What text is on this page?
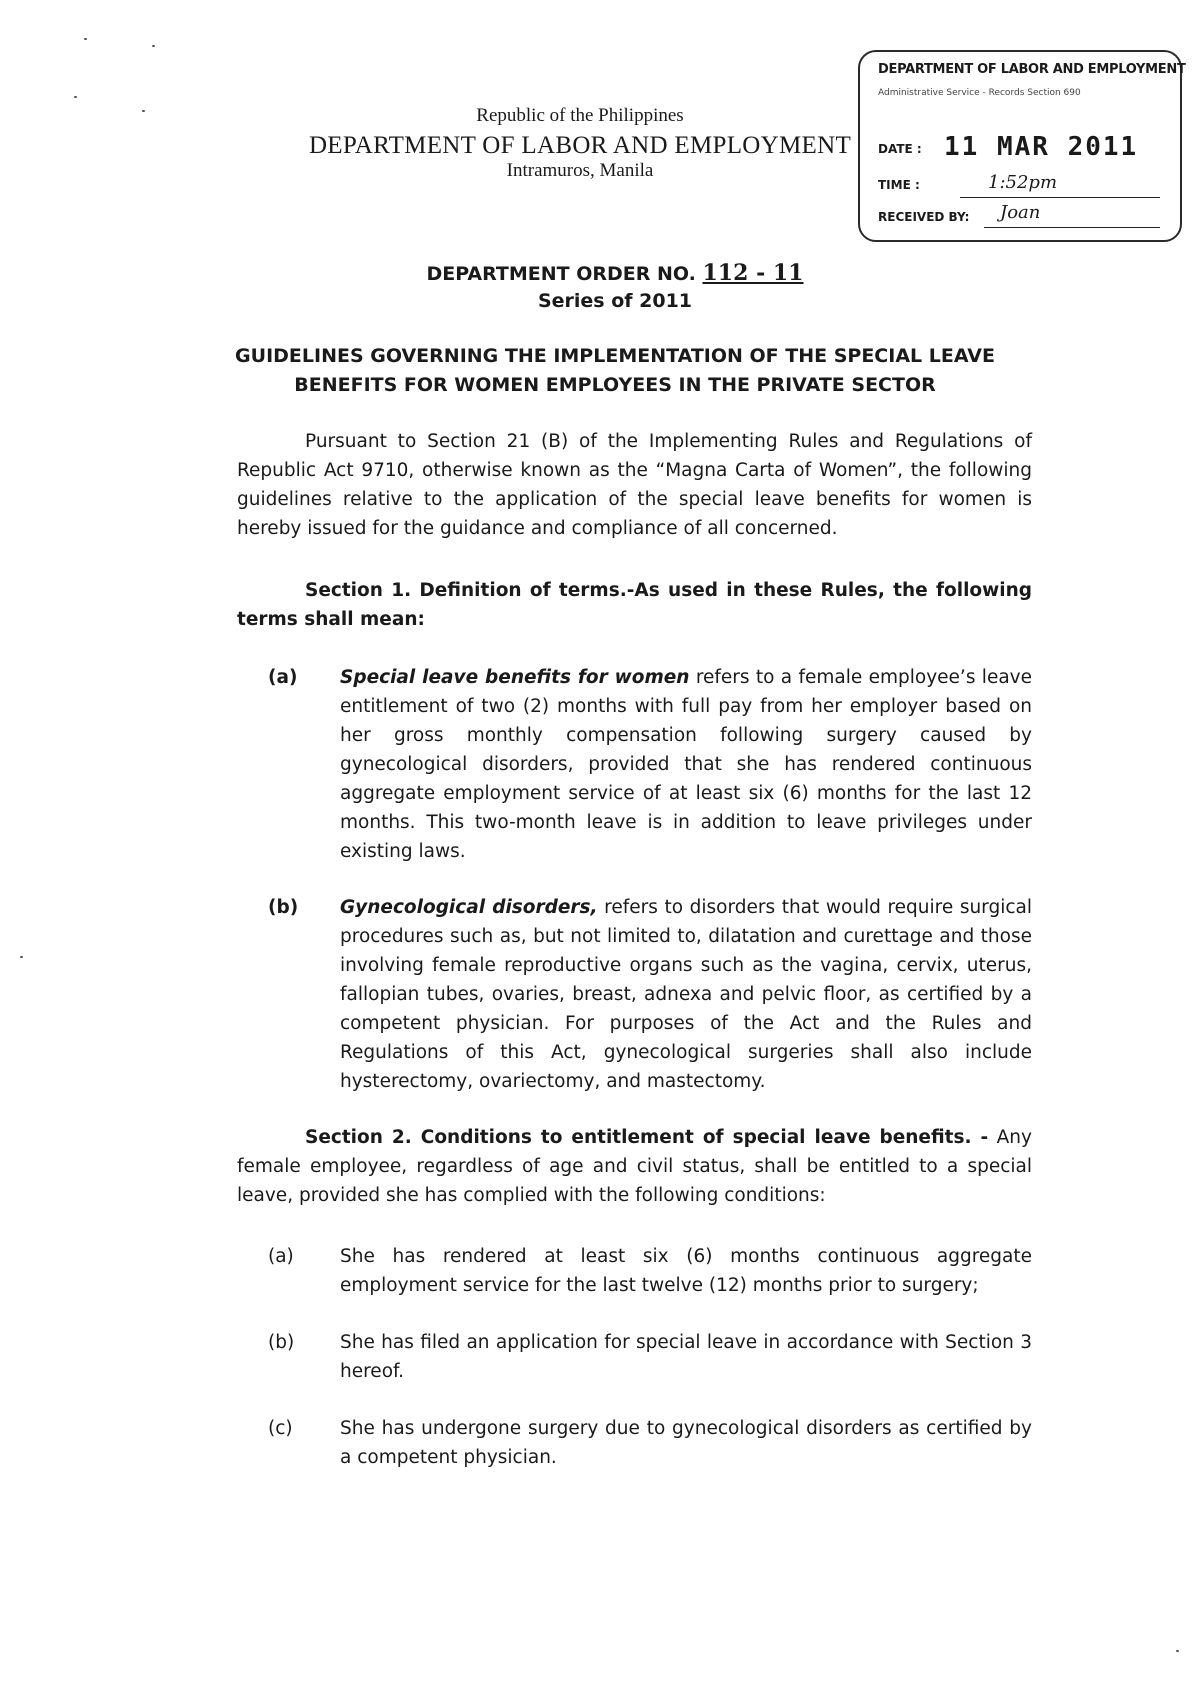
Republic of the Philippines
DEPARTMENT OF LABOR AND EMPLOYMENT
Intramuros, Manila
DEPARTMENT OF LABOR AND EMPLOYMENT
Administrative Service - Records Section 690
DATE : 11 MAR 2011
TIME :	1:52pm
RECEIVED BY: Joan
DEPARTMENT ORDER NO. 112 - 11
Series of 2011
GUIDELINES GOVERNING THE IMPLEMENTATION OF THE SPECIAL LEAVE
BENEFITS FOR WOMEN EMPLOYEES IN THE PRIVATE SECTOR

Pursuant to Section 21 (B) of the Implementing Rules and Regulations of Republic Act 9710, otherwise known as the “Magna Carta of Women”, the following guidelines relative to the application of the special leave benefits for women is hereby issued for the guidance and compliance of all concerned.

Section 1. Definition of terms.-As used in these Rules, the following terms shall mean:

(a) Special leave benefits for women refers to a female employee’s leave entitlement of two (2) months with full pay from her employer based on her gross monthly compensation following surgery caused by gynecological disorders, provided that she has rendered continuous aggregate employment service of at least six (6) months for the last 12 months. This two-month leave is in addition to leave privileges under existing laws.

(b) Gynecological disorders, refers to disorders that would require surgical procedures such as, but not limited to, dilatation and curettage and those involving female reproductive organs such as the vagina, cervix, uterus, fallopian tubes, ovaries, breast, adnexa and pelvic floor, as certified by a competent physician. For purposes of the Act and the Rules and Regulations of this Act, gynecological surgeries shall also include hysterectomy, ovariectomy, and mastectomy.

Section 2. Conditions to entitlement of special leave benefits. - Any female employee, regardless of age and civil status, shall be entitled to a special leave, provided she has complied with the following conditions:

(a) She has rendered at least six (6) months continuous aggregate employment service for the last twelve (12) months prior to surgery;

(b) She has filed an application for special leave in accordance with Section 3 hereof.

(c)	She has undergone surgery due to gynecological disorders as certified by a competent physician.
